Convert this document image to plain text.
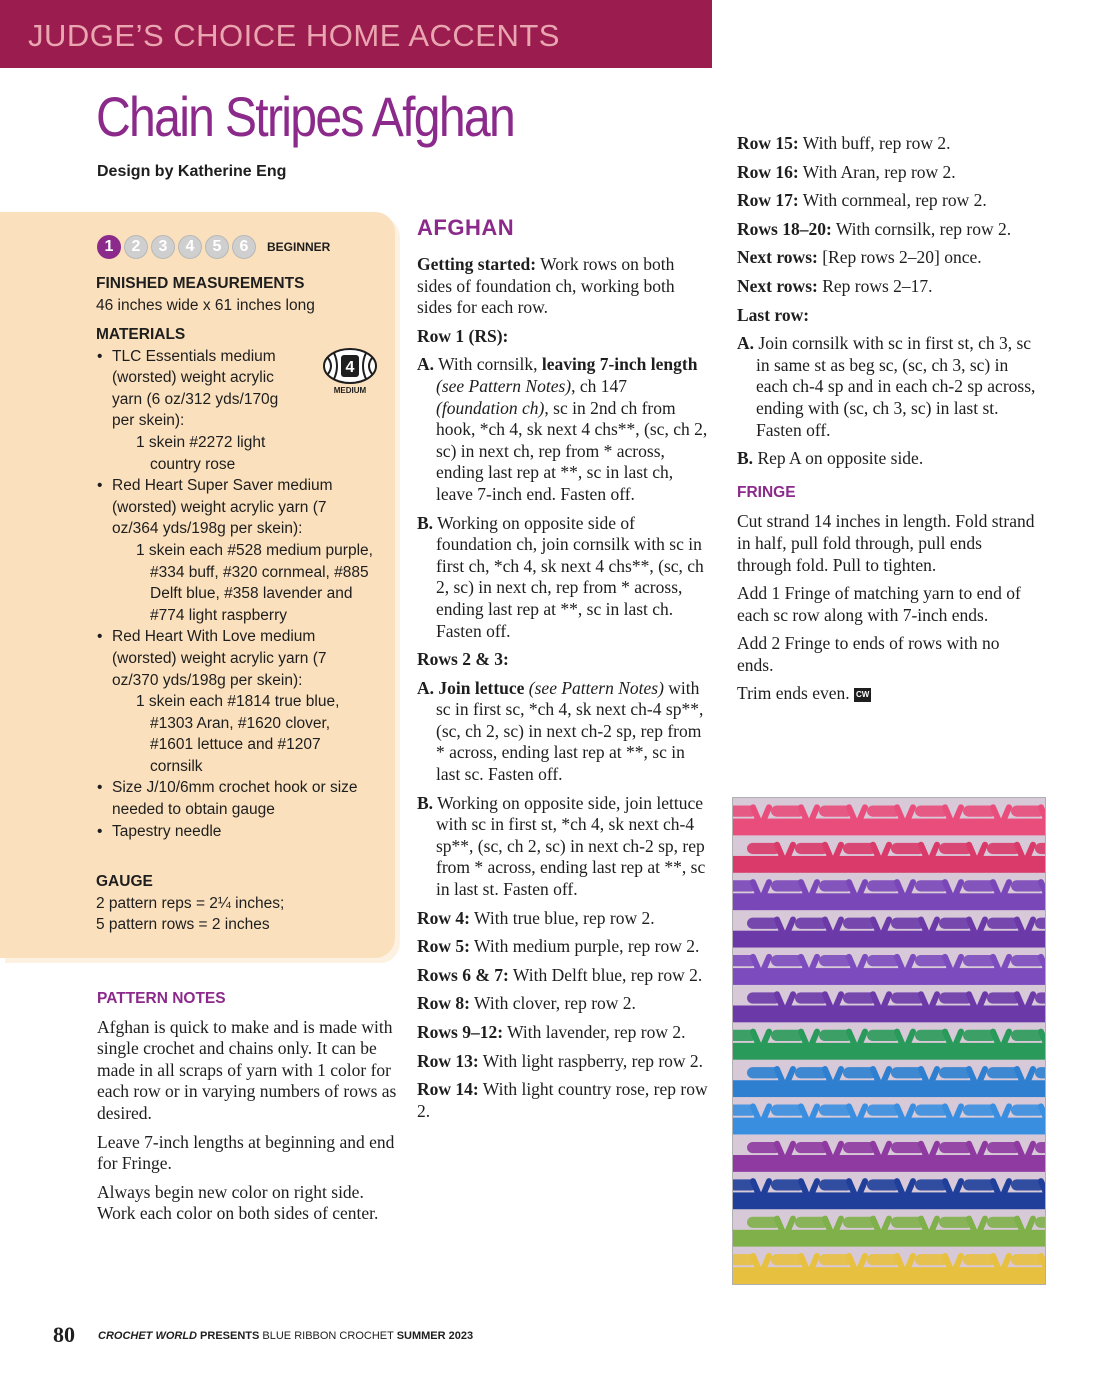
JUDGE’S CHOICE HOME ACCENTS
Chain Stripes Afghan
Design by Katherine Eng
1	2	3	4	5	6	BEGINNER
FINISHED MEASUREMENTS
46 inches wide x 61 inches long
MATERIALS
• TLC Essentials medium
(worsted) weight acrylic
yarn (6 oz/312 yds/170g
per skein):
1 skein #2272 light country rose
• Red Heart Super Saver medium (worsted) weight acrylic yarn (7 oz/364 yds/198g per skein):
1 skein each #528 medium purple, #334 buff, #320 cornmeal, #885 Delft blue, #358 lavender and #774 light raspberry
• Red Heart With Love medium (worsted) weight acrylic yarn (7 oz/370 yds/198g per skein):
1 skein each #1814 true blue, #1303 Aran, #1620 clover, #1601 lettuce and #1207 cornsilk
• Size J/10/6mm crochet hook or size needed to obtain gauge
• Tapestry needle
4
MEDIUM
GAUGE
2 pattern reps = 2¼ inches;
5 pattern rows = 2 inches

PATTERN NOTES

Afghan is quick to make and is made with single crochet and chains only. It can be made in all scraps of yarn with 1 color for each row or in varying numbers of rows as desired.

Leave 7-inch lengths at beginning and end for Fringe.

Always begin new color on right side. Work each color on both sides of center.

AFGHAN

Getting started: Work rows on both sides of foundation ch, working both sides for each row.

Row 1 (RS):

A. With cornsilk, leaving 7-inch length (see Pattern Notes), ch 147 (foundation ch), sc in 2nd ch from hook, *ch 4, sk next 4 chs**, (sc, ch 2, sc) in next ch, rep from * across, ending last rep at **, sc in last ch, leave 7-inch end. Fasten off.

B. Working on opposite side of foundation ch, join cornsilk with sc in first ch, *ch 4, sk next 4 chs**, (sc, ch 2, sc) in next ch, rep from * across, ending last rep at **, sc in last ch. Fasten off.

Rows 2 & 3:

A. Join lettuce (see Pattern Notes) with sc in first sc, *ch 4, sk next ch-4 sp**, (sc, ch 2, sc) in next ch-2 sp, rep from * across, ending last rep at **, sc in last sc. Fasten off.

B. Working on opposite side, join lettuce with sc in first st, *ch 4, sk next ch-4 sp**, (sc, ch 2, sc) in next ch-2 sp, rep from * across, ending last rep at **, sc in last st. Fasten off.

Row 4: With true blue, rep row 2.

Row 5: With medium purple, rep row 2.

Rows 6 & 7: With Delft blue, rep row 2.

Row 8: With clover, rep row 2.

Rows 9–12: With lavender, rep row 2.

Row 13: With light raspberry, rep row 2.

Row 14: With light country rose, rep row 2.

Row 15: With buff, rep row 2.

Row 16: With Aran, rep row 2.

Row 17: With cornmeal, rep row 2.

Rows 18–20: With cornsilk, rep row 2.

Next rows: [Rep rows 2–20] once.

Next rows: Rep rows 2–17.

Last row:

A. Join cornsilk with sc in first st, ch 3, sc in same st as beg sc, (sc, ch 3, sc) in each ch-4 sp and in each ch-2 sp across, ending with (sc, ch 3, sc) in last st. Fasten off.

B. Rep A on opposite side.

FRINGE

Cut strand 14 inches in length. Fold strand in half, pull fold through, pull ends through fold. Pull to tighten.

Add 1 Fringe of matching yarn to end of each sc row along with 7-inch ends.

Add 2 Fringe to ends of rows with no ends.

Trim ends even. CW

80 CROCHET WORLD PRESENTS BLUE RIBBON CROCHET SUMMER 2023
